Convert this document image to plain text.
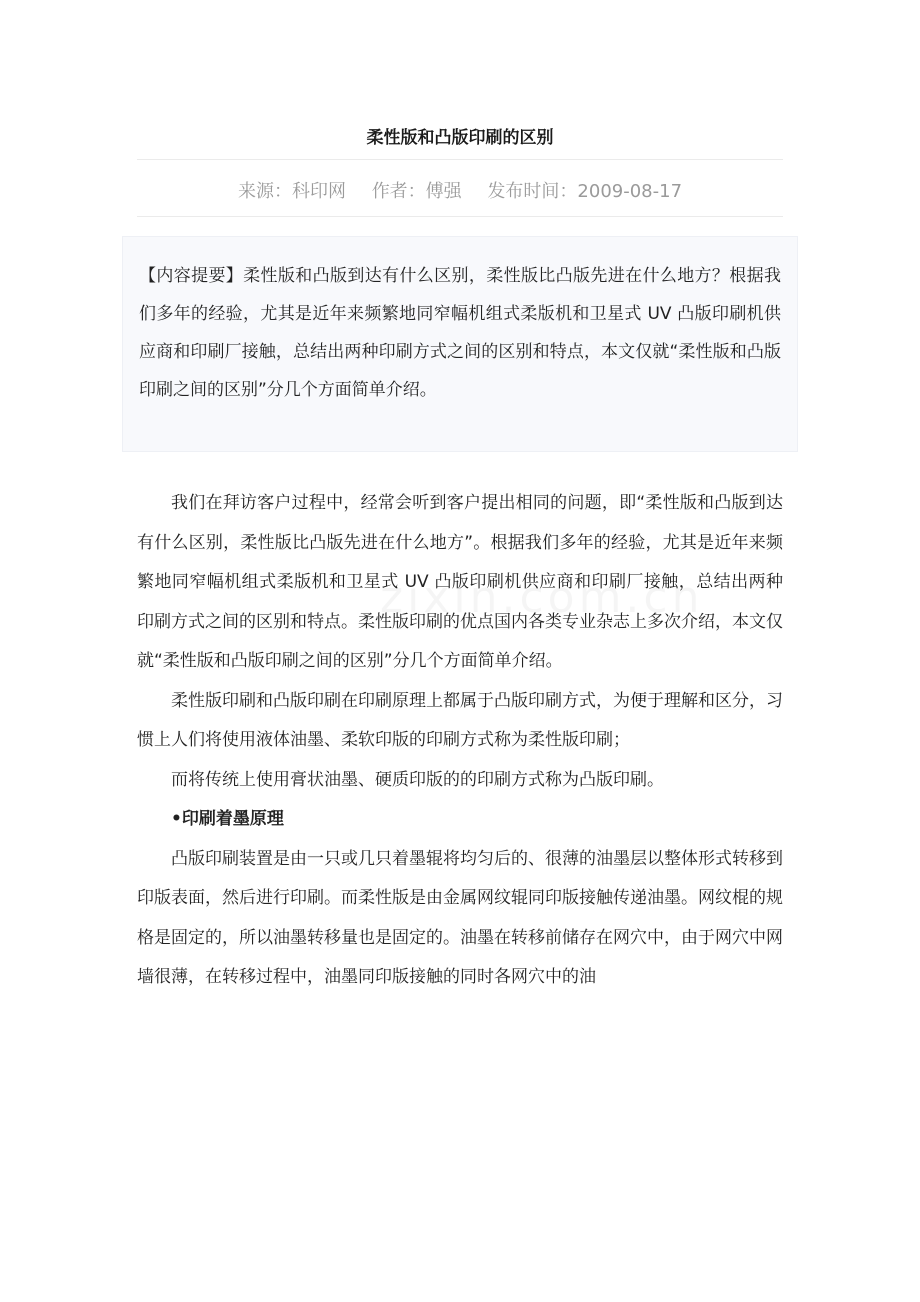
柔性版和凸版印刷的区别
来源：科印网 作者：傅强 发布时间：2009-08-17
【内容提要】柔性版和凸版到达有什么区别，柔性版比凸版先进在什么地方？根据我们多年的经验，尤其是近年来频繁地同窄幅机组式柔版机和卫星式 UV 凸版印刷机供应商和印刷厂接触，总结出两种印刷方式之间的区别和特点，本文仅就“柔性版和凸版印刷之间的区别”分几个方面简单介绍。

我们在拜访客户过程中，经常会听到客户提出相同的问题，即“柔性版和凸版到达有什么区别，柔性版比凸版先进在什么地方”。根据我们多年的经验，尤其是近年来频繁地同窄幅机组式柔版机和卫星式 UV 凸版印刷机供应商和印刷厂接触，总结出两种印刷方式之间的区别和特点。柔性版印刷的优点国内各类专业杂志上多次介绍，本文仅就“柔性版和凸版印刷之间的区别”分几个方面简单介绍。

柔性版印刷和凸版印刷在印刷原理上都属于凸版印刷方式，为便于理解和区分，习惯上人们将使用液体油墨、柔软印版的印刷方式称为柔性版印刷；

而将传统上使用膏状油墨、硬质印版的的印刷方式称为凸版印刷。

•印刷着墨原理

凸版印刷装置是由一只或几只着墨辊将均匀后的、很薄的油墨层以整体形式转移到印版表面，然后进行印刷。而柔性版是由金属网纹辊同印版接触传递油墨。网纹棍的规格是固定的，所以油墨转移量也是固定的。油墨在转移前储存在网穴中，由于网穴中网墙很薄，在转移过程中，油墨同印版接触的同时各网穴中的油
